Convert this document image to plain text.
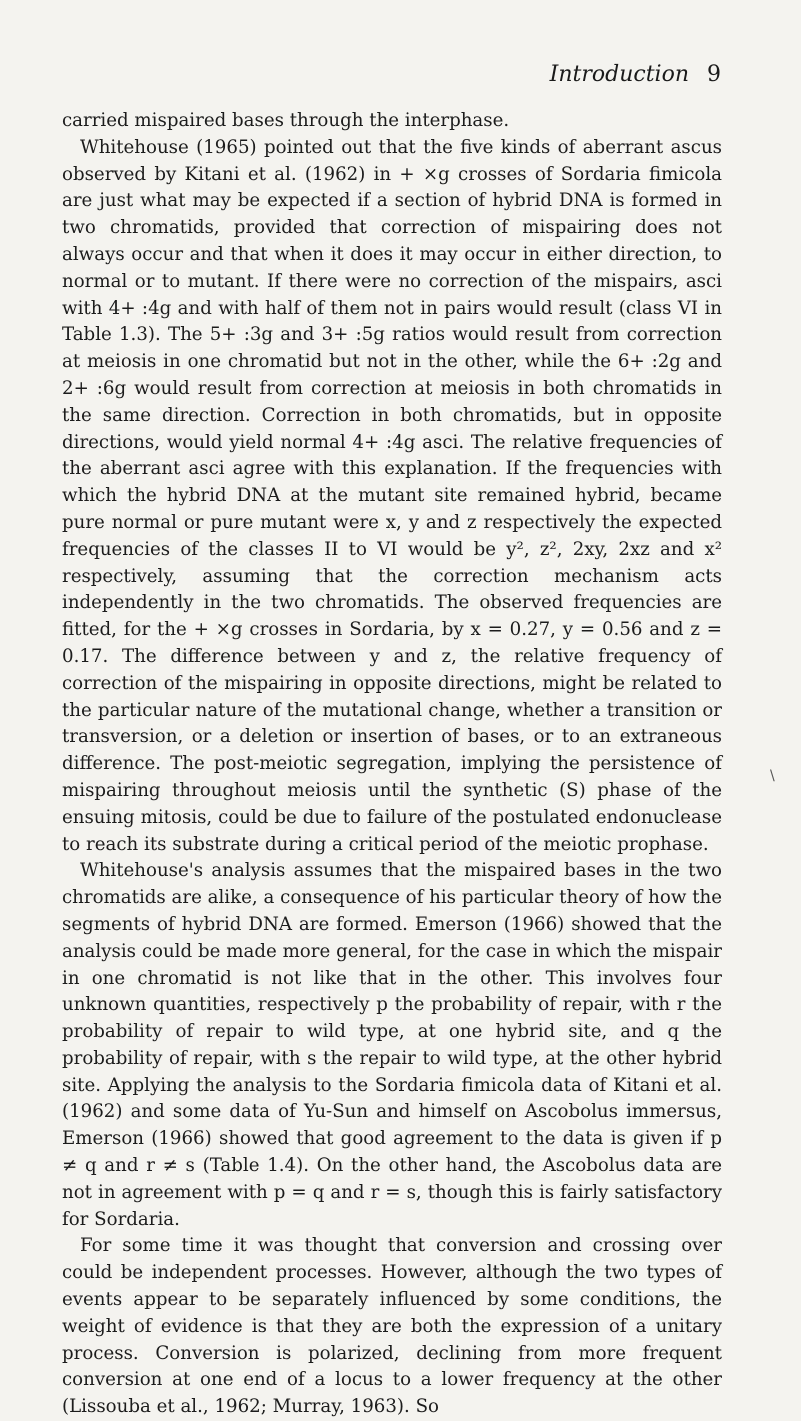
Introduction 9

carried mispaired bases through the interphase.

Whitehouse (1965) pointed out that the five kinds of aberrant ascus observed by Kitani et al. (1962) in + ×g crosses of Sordaria fimicola are just what may be expected if a section of hybrid DNA is formed in two chromatids, provided that correction of mispairing does not always occur and that when it does it may occur in either direction, to normal or to mutant. If there were no correction of the mispairs, asci with 4+ :4g and with half of them not in pairs would result (class VI in Table 1.3). The 5+ :3g and 3+ :5g ratios would result from correction at meiosis in one chromatid but not in the other, while the 6+ :2g and 2+ :6g would result from correction at meiosis in both chromatids in the same direction. Correction in both chromatids, but in opposite directions, would yield normal 4+ :4g asci. The relative frequencies of the aberrant asci agree with this explanation. If the frequencies with which the hybrid DNA at the mutant site remained hybrid, became pure normal or pure mutant were x, y and z respectively the expected frequencies of the classes II to VI would be y², z², 2xy, 2xz and x² respectively, assuming that the correction mechanism acts independently in the two chromatids. The observed frequencies are fitted, for the + ×g crosses in Sordaria, by x = 0.27, y = 0.56 and z = 0.17. The difference between y and z, the relative frequency of correction of the mispairing in opposite directions, might be related to the particular nature of the mutational change, whether a transition or transversion, or a deletion or insertion of bases, or to an extraneous difference. The post-meiotic segregation, implying the persistence of mispairing throughout meiosis until the synthetic (S) phase of the ensuing mitosis, could be due to failure of the postulated endonuclease to reach its substrate during a critical period of the meiotic prophase.

Whitehouse's analysis assumes that the mispaired bases in the two chromatids are alike, a consequence of his particular theory of how the segments of hybrid DNA are formed. Emerson (1966) showed that the analysis could be made more general, for the case in which the mispair in one chromatid is not like that in the other. This involves four unknown quantities, respectively p the probability of repair, with r the probability of repair to wild type, at one hybrid site, and q the probability of repair, with s the repair to wild type, at the other hybrid site. Applying the analysis to the Sordaria fimicola data of Kitani et al. (1962) and some data of Yu-Sun and himself on Ascobolus immersus, Emerson (1966) showed that good agreement to the data is given if p ≠ q and r ≠ s (Table 1.4). On the other hand, the Ascobolus data are not in agreement with p = q and r = s, though this is fairly satisfactory for Sordaria.

For some time it was thought that conversion and crossing over could be independent processes. However, although the two types of events appear to be separately influenced by some conditions, the weight of evidence is that they are both the expression of a unitary process. Conversion is polarized, declining from more frequent conversion at one end of a locus to a lower frequency at the other (Lissouba et al., 1962; Murray, 1963). So

\
